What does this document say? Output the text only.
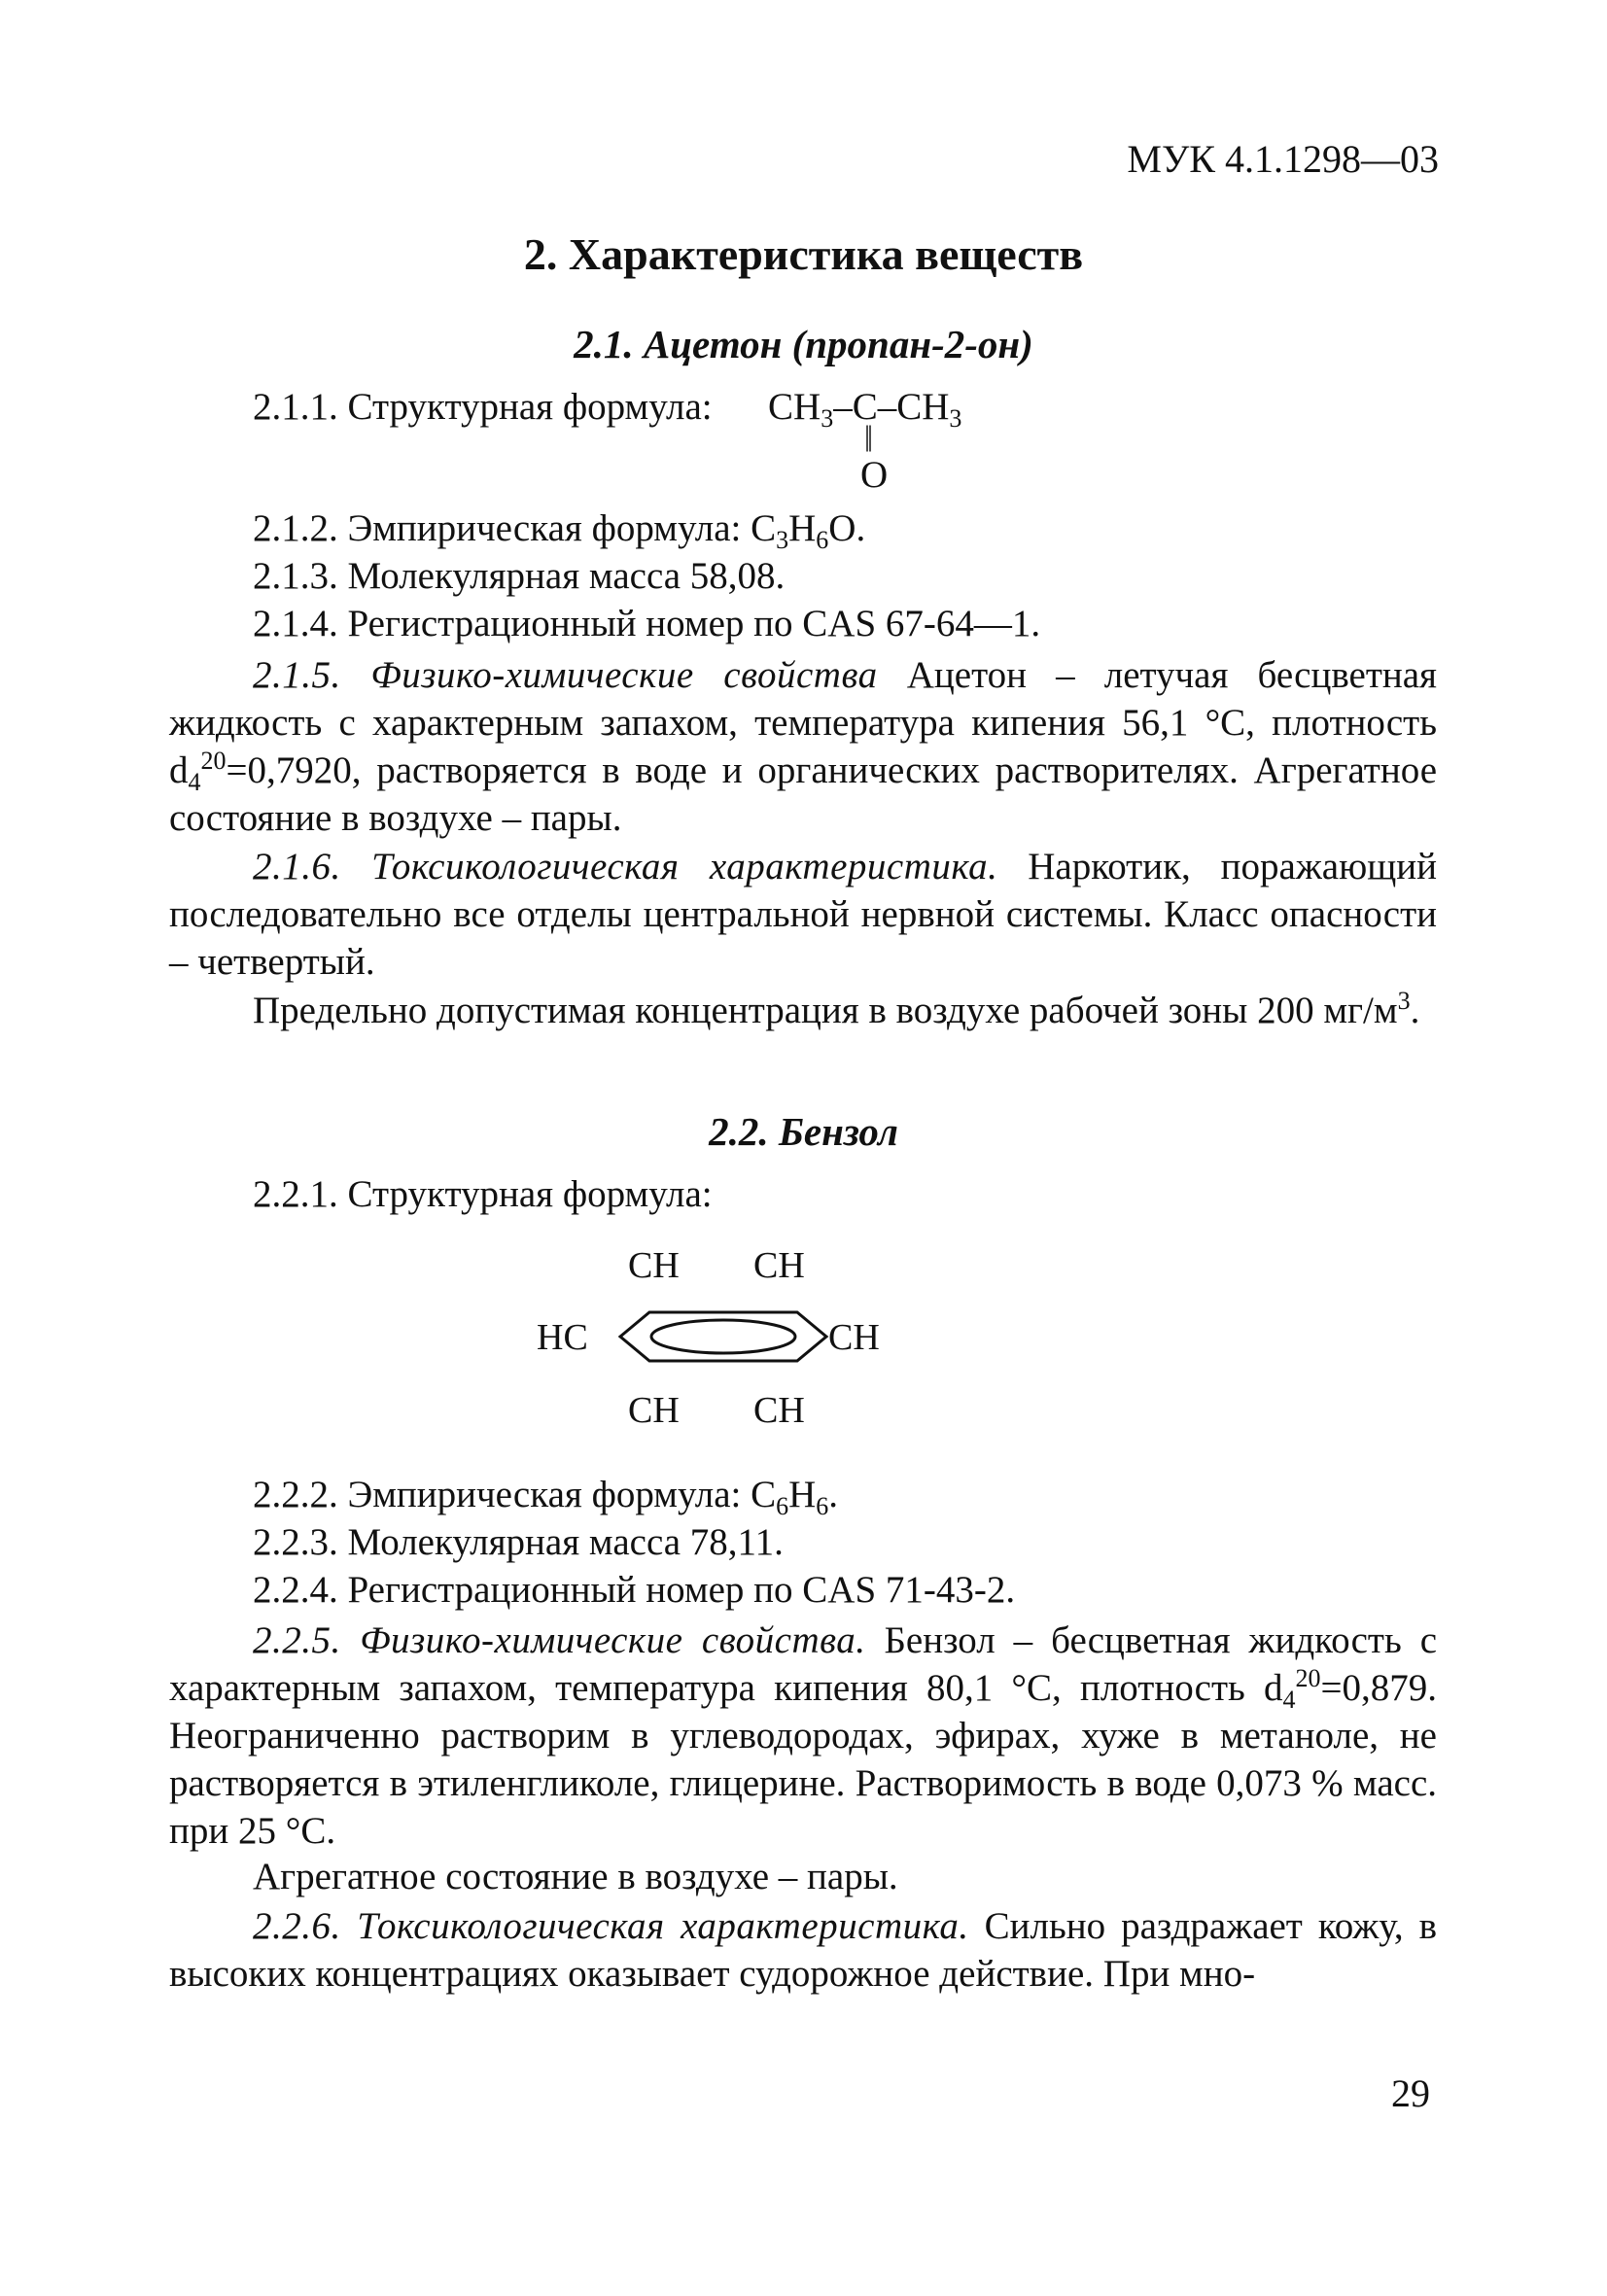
МУК 4.1.1298—03
2. Характеристика веществ
2.1. Ацетон (пропан-2-он)
2.1.1. Структурная формула: $CH_3-C-CH_3$
||
O
2.1.2. Эмпирическая формула: $C_3H_6O$.
2.1.3. Молекулярная масса 58,08.
2.1.4. Регистрационный номер по CAS 67-64—1.
2.1.5. Физико-химические свойства Ацетон – летучая бесцветная жидкость с характерным запахом, температура кипения 56,1 °С, плотность $d_4^{20}=0,7920$, растворяется в воде и органических растворителях. Агрегатное состояние в воздухе – пары.
2.1.6. Токсикологическая характеристика. Наркотик, поражающий последовательно все отделы центральной нервной системы. Класс опасности – четвертый.
Предельно допустимая концентрация в воздухе рабочей зоны 200 $мг/м^3$.
2.2. Бензол
2.2.1. Структурная формула:
CH CH
HC	CH
CH CH
2.2.2. Эмпирическая формула: $C_6H_6$.
2.2.3. Молекулярная масса 78,11.
2.2.4. Регистрационный номер по CAS 71-43-2.
2.2.5. Физико-химические свойства. Бензол – бесцветная жидкость с характерным запахом, температура кипения 80,1 °С, плотность $d_4^{20}=0,879$. Неограниченно растворим в углеводородах, эфирах, хуже в метаноле, не растворяется в этиленгликоле, глицерине. Растворимость в воде 0,073 % масс. при 25 °С.
Агрегатное состояние в воздухе – пары.
2.2.6. Токсикологическая характеристика. Сильно раздражает кожу, в высоких концентрациях оказывает судорожное действие. При мно-
29
